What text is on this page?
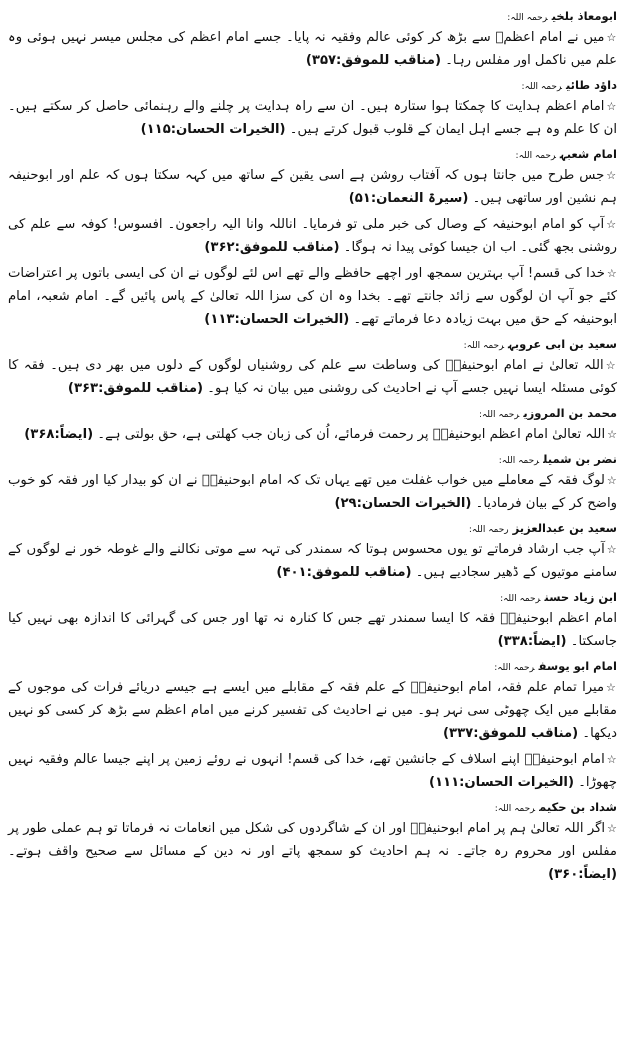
ابومعاذ بلخیرحمہ اللہ:

☆میں نے امام اعظمؒ سے بڑھ کر کوئی عالم وفقیہ نہ پایا۔ جسے امام اعظم کی مجلس میسر نہیں ہوئی وہ علم میں ناکمل اور مفلس رہا۔ (مناقب للموفق:۳۵۷)

داؤد طائیرحمہ اللہ:

☆امام اعظم ہدایت کا چمکتا ہوا ستارہ ہیں۔ ان سے راہ ہدایت پر چلنے والے رہنمائی حاصل کر سکتے ہیں۔ ان کا علم وہ ہے جسے اہل ایمان کے قلوب قبول کرتے ہیں۔ (الخیرات الحسان:۱۱۵)

امام شعبہرحمہ اللہ:

☆جس طرح میں جانتا ہوں کہ آفتاب روشن ہے اسی یقین کے ساتھ میں کہہ سکتا ہوں کہ علم اور ابوحنیفہ ہم نشین اور ساتھی ہیں۔ (سیرۃ النعمان:۵۱)

☆آپ کو امام ابوحنیفہ کے وصال کی خبر ملی تو فرمایا۔ اناللہ وانا الیہ راجعون۔ افسوس! کوفہ سے علم کی روشنی بجھ گئی۔ اب ان جیسا کوئی پیدا نہ ہوگا۔ (مناقب للموفق:۳۶۲)

☆خدا کی قسم! آپ بہترین سمجھ اور اچھے حافظے والے تھے اس لئے لوگوں نے ان کی ایسی باتوں پر اعتراضات کئے جو آپ ان لوگوں سے زائد جانتے تھے۔ بخدا وہ ان کی سزا اللہ تعالیٰ کے پاس پائیں گے۔ امام شعبہ، امام ابوحنیفہ کے حق میں بہت زیادہ دعا فرماتے تھے۔ (الخیرات الحسان:۱۱۳)

سعید بن ابی عروبہرحمہ اللہ:

☆اللہ تعالیٰ نے امام ابوحنیفہؒ کی وساطت سے علم کی روشنیاں لوگوں کے دلوں میں بھر دی ہیں۔ فقہ کا کوئی مسئلہ ایسا نہیں جسے آپ نے احادیث کی روشنی میں بیان نہ کیا ہو۔ (مناقب للموفق:۳۶۳)

محمد بن المروزیرحمہ اللہ:

☆اللہ تعالیٰ امام اعظم ابوحنیفہؒ پر رحمت فرمائے، اُن کی زبان جب کھلتی ہے، حق بولتی ہے۔ (ایضاً:۳۶۸)

نضر بن شمیلرحمہ اللہ:

☆لوگ فقہ کے معاملے میں خواب غفلت میں تھے یہاں تک کہ امام ابوحنیفہؒ نے ان کو بیدار کیا اور فقہ کو خوب واضح کر کے بیان فرمادیا۔ (الخیرات الحسان:۲۹)

سعید بن عبدالعزیزرحمہ اللہ:

☆آپ جب ارشاد فرماتے تو یوں محسوس ہوتا کہ سمندر کی تہہ سے موتی نکالنے والے غوطہ خور نے لوگوں کے سامنے موتیوں کے ڈھیر سجادیے ہیں۔ (مناقب للموفق:۴۰۱)

ابن زیاد حسنرحمہ اللہ:

امام اعظم ابوحنیفہؒ فقہ کا ایسا سمندر تھے جس کا کنارہ نہ تھا اور جس کی گہرائی کا اندازہ بھی نہیں کیا جاسکتا۔ (ایضاً:۳۳۸)

امام ابو یوسفرحمہ اللہ:

☆میرا تمام علم فقہ، امام ابوحنیفہؒ کے علم فقہ کے مقابلے میں ایسے ہے جیسے دریائے فرات کی موجوں کے مقابلے میں ایک چھوٹی سی نہر ہو۔ میں نے احادیث کی تفسیر کرنے میں امام اعظم سے بڑھ کر کسی کو نہیں دیکھا۔ (مناقب للموفق:۳۳۷)

☆امام ابوحنیفہؒ اپنے اسلاف کے جانشین تھے، خدا کی قسم! انہوں نے روئے زمین پر اپنے جیسا عالم وفقیہ نہیں چھوڑا۔ (الخیرات الحسان:۱۱۱)

شداد بن حکیمرحمہ اللہ:

☆اگر اللہ تعالیٰ ہم پر امام ابوحنیفہؒ اور ان کے شاگردوں کی شکل میں انعامات نہ فرماتا تو ہم عملی طور پر مفلس اور محروم رہ جاتے۔ نہ ہم احادیث کو سمجھ پاتے اور نہ دین کے مسائل سے صحیح واقف ہوتے۔ (ایضاً:۳۶۰)
